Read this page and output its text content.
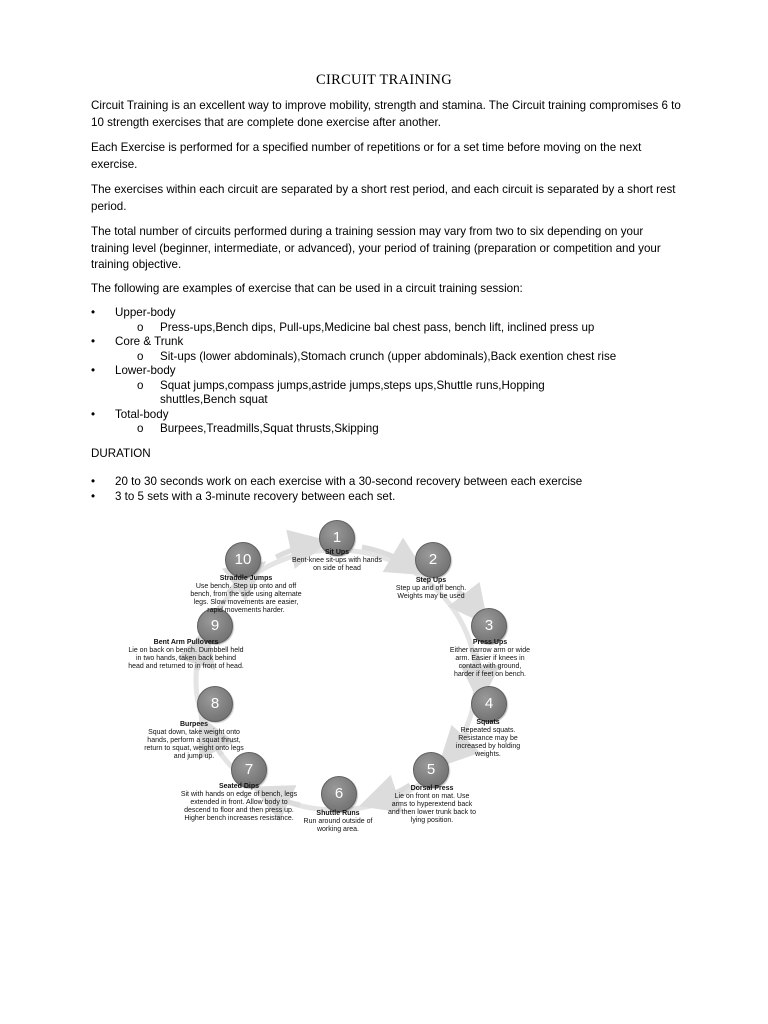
CIRCUIT TRAINING

Circuit Training is an excellent way to improve mobility, strength and stamina. The Circuit training compromises 6 to 10 strength exercises that are complete done exercise after another.

Each Exercise is performed for a specified number of repetitions or for a set time before moving on the next exercise.

The exercises within each circuit are separated by a short rest period, and each circuit is separated by a short rest period.

The total number of circuits performed during a training session may vary from two to six depending on your training level (beginner, intermediate, or advanced), your period of training (preparation or competition and your training objective.

The following are examples of exercise that can be used in a circuit training session:

• Upper-body
o Press-ups,Bench dips, Pull-ups,Medicine bal chest pass, bench lift, inclined press up
• Core & Trunk
o Sit-ups (lower abdominals),Stomach crunch (upper abdominals),Back exention chest rise
• Lower-body
o Squat jumps,compass jumps,astride jumps,steps ups,Shuttle runs,Hopping shuttles,Bench squat
• Total-body
o Burpees,Treadmills,Squat thrusts,Skipping
DURATION
• 20 to 30 seconds work on each exercise with a 30-second recovery between each exercise
• 3 to 5 sets with a 3-minute recovery between each set.
1
Sit Ups
Bent-knee sit-ups with hands on side of head
2
Step Ups
Step up and off bench. Weights may be used
3
Press Ups
Either narrow arm or wide arm. Easier if knees in contact with ground, harder if feet on bench.
4
Squats
Repeated squats. Resistance may be increased by holding weights.
5
Dorsal Press
Lie on front on mat. Use arms to hyperextend back and then lower trunk back to lying position.
6
Shuttle Runs
Run around outside of working area.
7
Seated Dips
Sit with hands on edge of bench, legs extended in front. Allow body to descend to floor and then press up. Higher bench increases resistance.
8
Burpees
Squat down, take weight onto hands, perform a squat thrust, return to squat, weight onto legs and jump up.
9
Bent Arm Pullovers
Lie on back on bench. Dumbbell held in two hands, taken back behind head and returned to in front of head.
10
Straddle Jumps
Use bench. Step up onto and off bench, from the side using alternate legs. Slow movements are easier, rapid movements harder.
